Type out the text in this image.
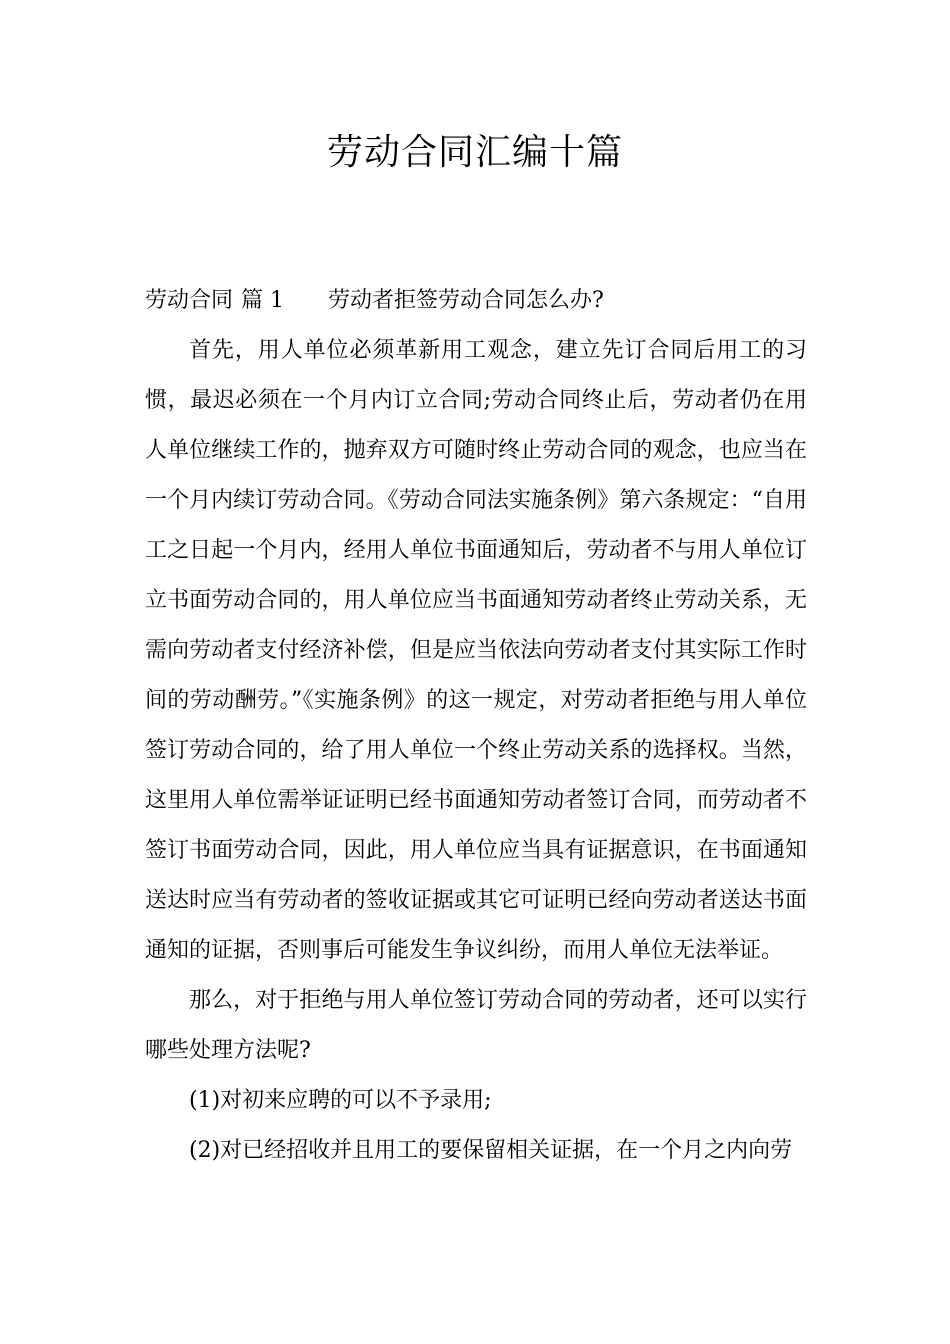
劳动合同汇编十篇

劳动合同 篇 1 劳动者拒签劳动合同怎么办?

首先，用人单位必须革新用工观念，建立先订合同后用工的习惯，最迟必须在一个月内订立合同;劳动合同终止后，劳动者仍在用人单位继续工作的，抛弃双方可随时终止劳动合同的观念，也应当在一个月内续订劳动合同。《劳动合同法实施条例》第六条规定：“自用工之日起一个月内，经用人单位书面通知后，劳动者不与用人单位订立书面劳动合同的，用人单位应当书面通知劳动者终止劳动关系，无需向劳动者支付经济补偿，但是应当依法向劳动者支付其实际工作时间的劳动酬劳。”《实施条例》的这一规定，对劳动者拒绝与用人单位签订劳动合同的，给了用人单位一个终止劳动关系的选择权。当然，这里用人单位需举证证明已经书面通知劳动者签订合同，而劳动者不签订书面劳动合同，因此，用人单位应当具有证据意识，在书面通知送达时应当有劳动者的签收证据或其它可证明已经向劳动者送达书面通知的证据，否则事后可能发生争议纠纷，而用人单位无法举证。

那么，对于拒绝与用人单位签订劳动合同的劳动者，还可以实行哪些处理方法呢?

(1)对初来应聘的可以不予录用;

(2)对已经招收并且用工的要保留相关证据，在一个月之内向劳
